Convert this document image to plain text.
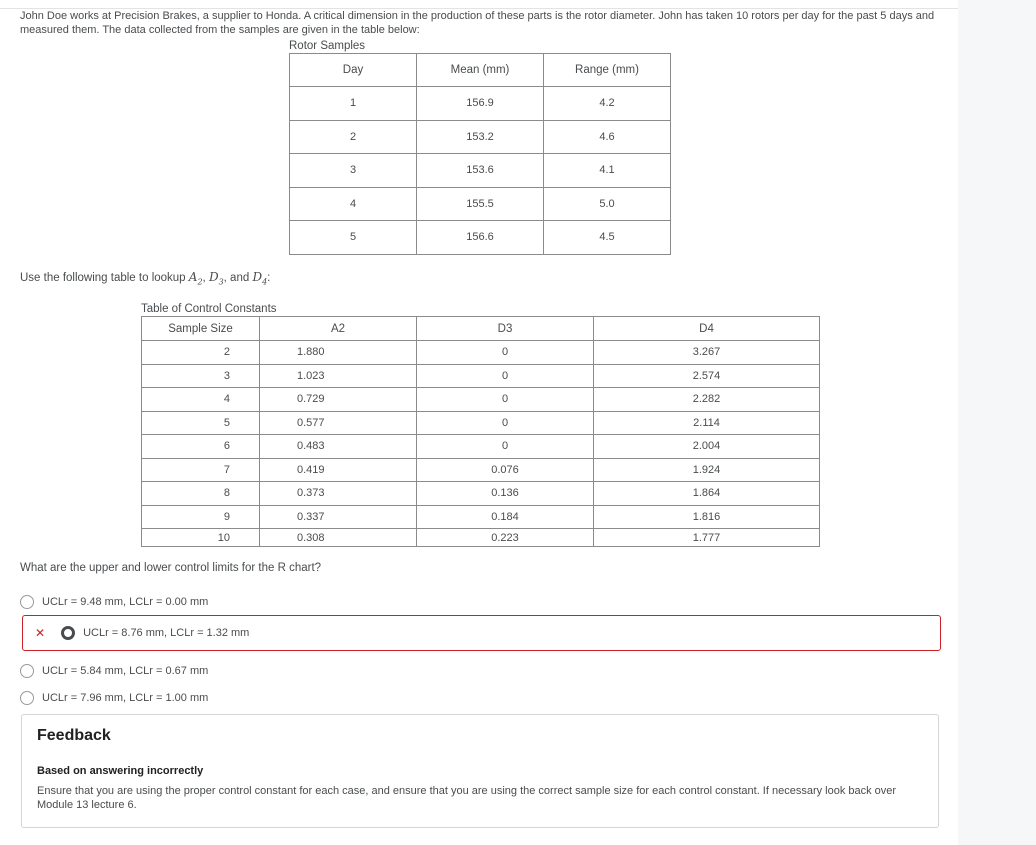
John Doe works at Precision Brakes, a supplier to Honda. A critical dimension in the production of these parts is the rotor diameter. John has taken 10 rotors per day for the past 5 days and measured them. The data collected from the samples are given in the table below:
Rotor Samples
Day	Mean (mm)	Range (mm)
1	156.9	4.2
2	153.2	4.6
3	153.6	4.1
4	155.5	5.0
5	156.6	4.5
Use the following table to lookup $A_2$, $D_3$, and $D_4$:
Table of Control Constants
Sample Size	A2	D3	D4
2	1.880	0	3.267
3	1.023	0	2.574
4	0.729	0	2.282
5	0.577	0	2.114
6	0.483	0	2.004
7	0.419	0.076	1.924
8	0.373	0.136	1.864
9	0.337	0.184	1.816
10	0.308	0.223	1.777
What are the upper and lower control limits for the R chart?
UCLr = 9.48 mm, LCLr = 0.00 mm
✕	UCLr = 8.76 mm, LCLr = 1.32 mm
UCLr = 5.84 mm, LCLr = 0.67 mm
UCLr = 7.96 mm, LCLr = 1.00 mm
Feedback
Based on answering incorrectly
Ensure that you are using the proper control constant for each case, and ensure that you are using the correct sample size for each control constant. If necessary look back over Module 13 lecture 6.
